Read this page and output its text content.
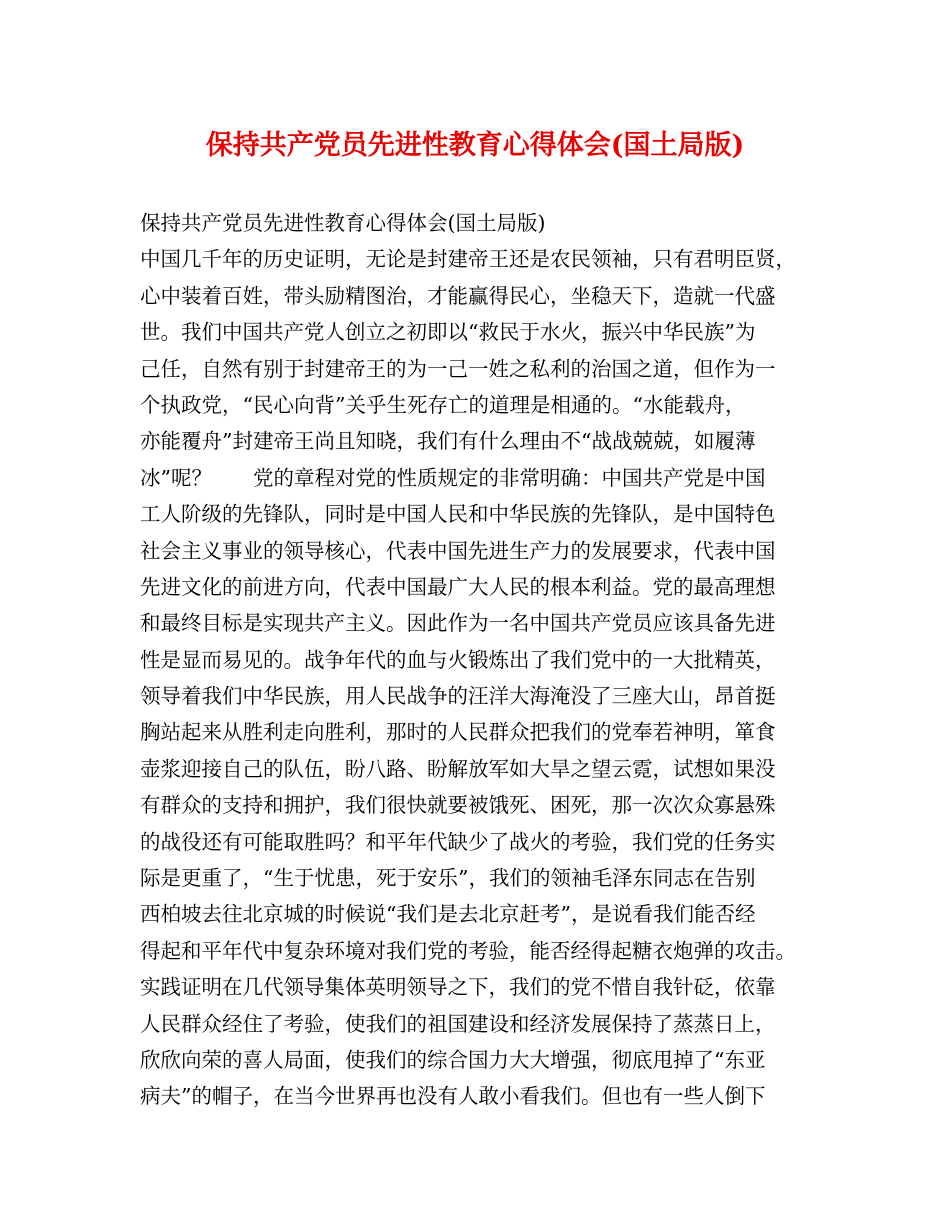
保持共产党员先进性教育心得体会(国土局版)
保持共产党员先进性教育心得体会(国土局版)
中国几千年的历史证明，无论是封建帝王还是农民领袖，只有君明臣贤，
心中装着百姓，带头励精图治，才能赢得民心，坐稳天下，造就一代盛
世。我们中国共产党人创立之初即以“救民于水火，振兴中华民族”为
己任，自然有别于封建帝王的为一己一姓之私利的治国之道，但作为一
个执政党，“民心向背”关乎生死存亡的道理是相通的。“水能载舟，
亦能覆舟”封建帝王尚且知晓，我们有什么理由不“战战兢兢，如履薄
冰”呢？　　党的章程对党的性质规定的非常明确：中国共产党是中国
工人阶级的先锋队，同时是中国人民和中华民族的先锋队，是中国特色
社会主义事业的领导核心，代表中国先进生产力的发展要求，代表中国
先进文化的前进方向，代表中国最广大人民的根本利益。党的最高理想
和最终目标是实现共产主义。因此作为一名中国共产党员应该具备先进
性是显而易见的。战争年代的血与火锻炼出了我们党中的一大批精英，
领导着我们中华民族，用人民战争的汪洋大海淹没了三座大山，昂首挺
胸站起来从胜利走向胜利，那时的人民群众把我们的党奉若神明，箪食
壶浆迎接自己的队伍，盼八路、盼解放军如大旱之望云霓，试想如果没
有群众的支持和拥护，我们很快就要被饿死、困死，那一次次众寡悬殊
的战役还有可能取胜吗？和平年代缺少了战火的考验，我们党的任务实
际是更重了，“生于忧患，死于安乐”，我们的领袖毛泽东同志在告别
西柏坡去往北京城的时候说“我们是去北京赶考”，是说看我们能否经
得起和平年代中复杂环境对我们党的考验，能否经得起糖衣炮弹的攻击。
实践证明在几代领导集体英明领导之下，我们的党不惜自我针砭，依靠
人民群众经住了考验，使我们的祖国建设和经济发展保持了蒸蒸日上，
欣欣向荣的喜人局面，使我们的综合国力大大增强，彻底甩掉了“东亚
病夫”的帽子，在当今世界再也没有人敢小看我们。但也有一些人倒下
